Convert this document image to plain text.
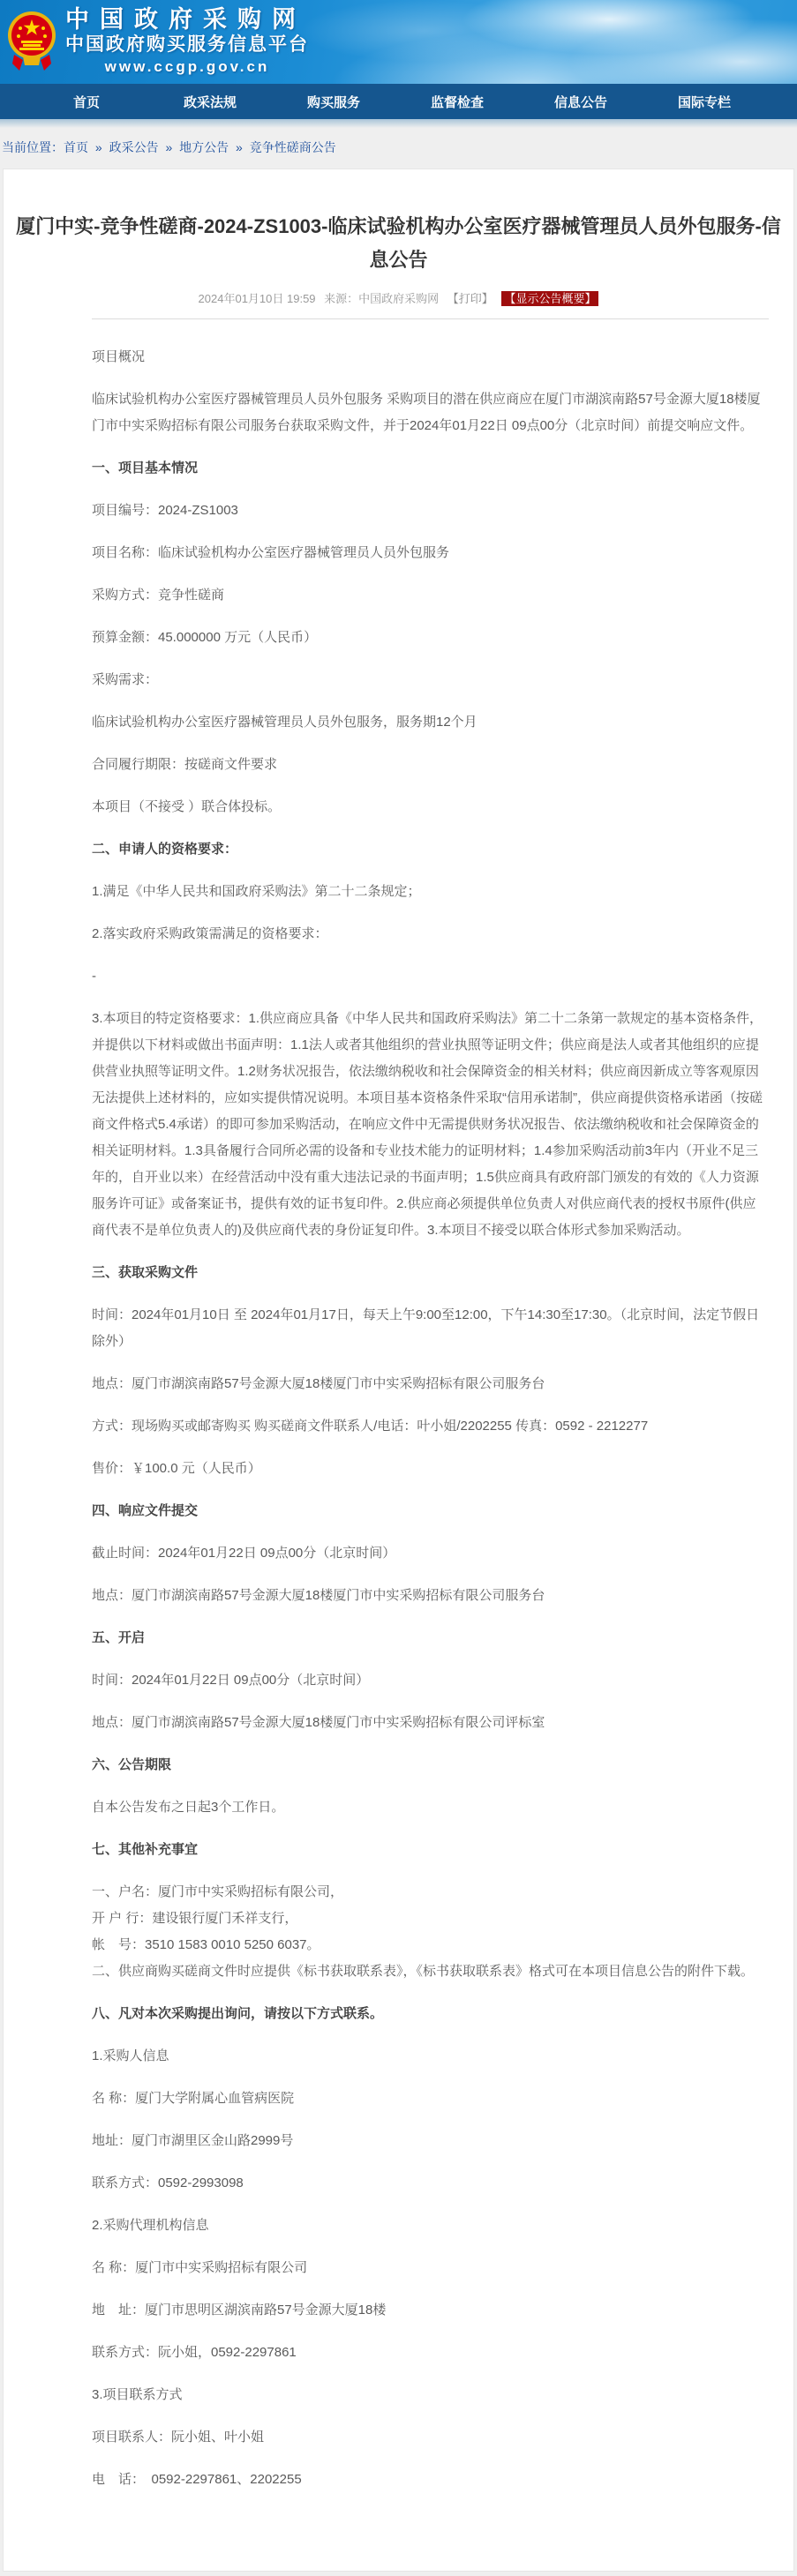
中国政府采购网
中国政府购买服务信息平台
www.ccgp.gov.cn
首页	政采法规	购买服务	监督检查	信息公告	国际专栏
当前位置：首页 » 政采公告 » 地方公告 » 竞争性磋商公告
厦门中实-竞争性磋商-2024-ZS1003-临床试验机构办公室医疗器械管理员人员外包服务-信息公告
2024年01月10日 19:59 来源：中国政府采购网 【打印】 【显示公告概要】

项目概况

临床试验机构办公室医疗器械管理员人员外包服务 采购项目的潜在供应商应在厦门市湖滨南路57号金源大厦18楼厦门市中实采购招标有限公司服务台获取采购文件，并于2024年01月22日 09点00分（北京时间）前提交响应文件。

一、项目基本情况

项目编号：2024-ZS1003

项目名称：临床试验机构办公室医疗器械管理员人员外包服务

采购方式：竞争性磋商

预算金额：45.000000 万元（人民币）

采购需求：

临床试验机构办公室医疗器械管理员人员外包服务，服务期12个月

合同履行期限：按磋商文件要求

本项目（不接受 ）联合体投标。

二、申请人的资格要求：

1.满足《中华人民共和国政府采购法》第二十二条规定；

2.落实政府采购政策需满足的资格要求：

-

3.本项目的特定资格要求：1.供应商应具备《中华人民共和国政府采购法》第二十二条第一款规定的基本资格条件，并提供以下材料或做出书面声明：1.1法人或者其他组织的营业执照等证明文件；供应商是法人或者其他组织的应提供营业执照等证明文件。1.2财务状况报告，依法缴纳税收和社会保障资金的相关材料；供应商因新成立等客观原因无法提供上述材料的，应如实提供情况说明。本项目基本资格条件采取“信用承诺制”，供应商提供资格承诺函（按磋商文件格式5.4承诺）的即可参加采购活动，在响应文件中无需提供财务状况报告、依法缴纳税收和社会保障资金的相关证明材料。1.3具备履行合同所必需的设备和专业技术能力的证明材料；1.4参加采购活动前3年内（开业不足三年的，自开业以来）在经营活动中没有重大违法记录的书面声明；1.5供应商具有政府部门颁发的有效的《人力资源服务许可证》或备案证书，提供有效的证书复印件。2.供应商必须提供单位负责人对供应商代表的授权书原件(供应商代表不是单位负责人的)及供应商代表的身份证复印件。3.本项目不接受以联合体形式参加采购活动。

三、获取采购文件

时间：2024年01月10日 至 2024年01月17日，每天上午9:00至12:00，下午14:30至17:30。（北京时间，法定节假日除外）

地点：厦门市湖滨南路57号金源大厦18楼厦门市中实采购招标有限公司服务台

方式：现场购买或邮寄购买 购买磋商文件联系人/电话：叶小姐/2202255 传真：0592 - 2212277

售价：￥100.0 元（人民币）

四、响应文件提交

截止时间：2024年01月22日 09点00分（北京时间）

地点：厦门市湖滨南路57号金源大厦18楼厦门市中实采购招标有限公司服务台

五、开启

时间：2024年01月22日 09点00分（北京时间）

地点：厦门市湖滨南路57号金源大厦18楼厦门市中实采购招标有限公司评标室

六、公告期限

自本公告发布之日起3个工作日。

七、其他补充事宜

一、户名：厦门市中实采购招标有限公司，

开 户 行：建设银行厦门禾祥支行，

帐　号：3510 1583 0010 5250 6037。

二、供应商购买磋商文件时应提供《标书获取联系表》，《标书获取联系表》格式可在本项目信息公告的附件下载。

八、凡对本次采购提出询问，请按以下方式联系。

1.采购人信息

名 称：厦门大学附属心血管病医院

地址：厦门市湖里区金山路2999号

联系方式：0592-2993098

2.采购代理机构信息

名 称：厦门市中实采购招标有限公司

地　址：厦门市思明区湖滨南路57号金源大厦18楼

联系方式：阮小姐，0592-2297861

3.项目联系方式

项目联系人：阮小姐、叶小姐

电　话：　0592-2297861、2202255
